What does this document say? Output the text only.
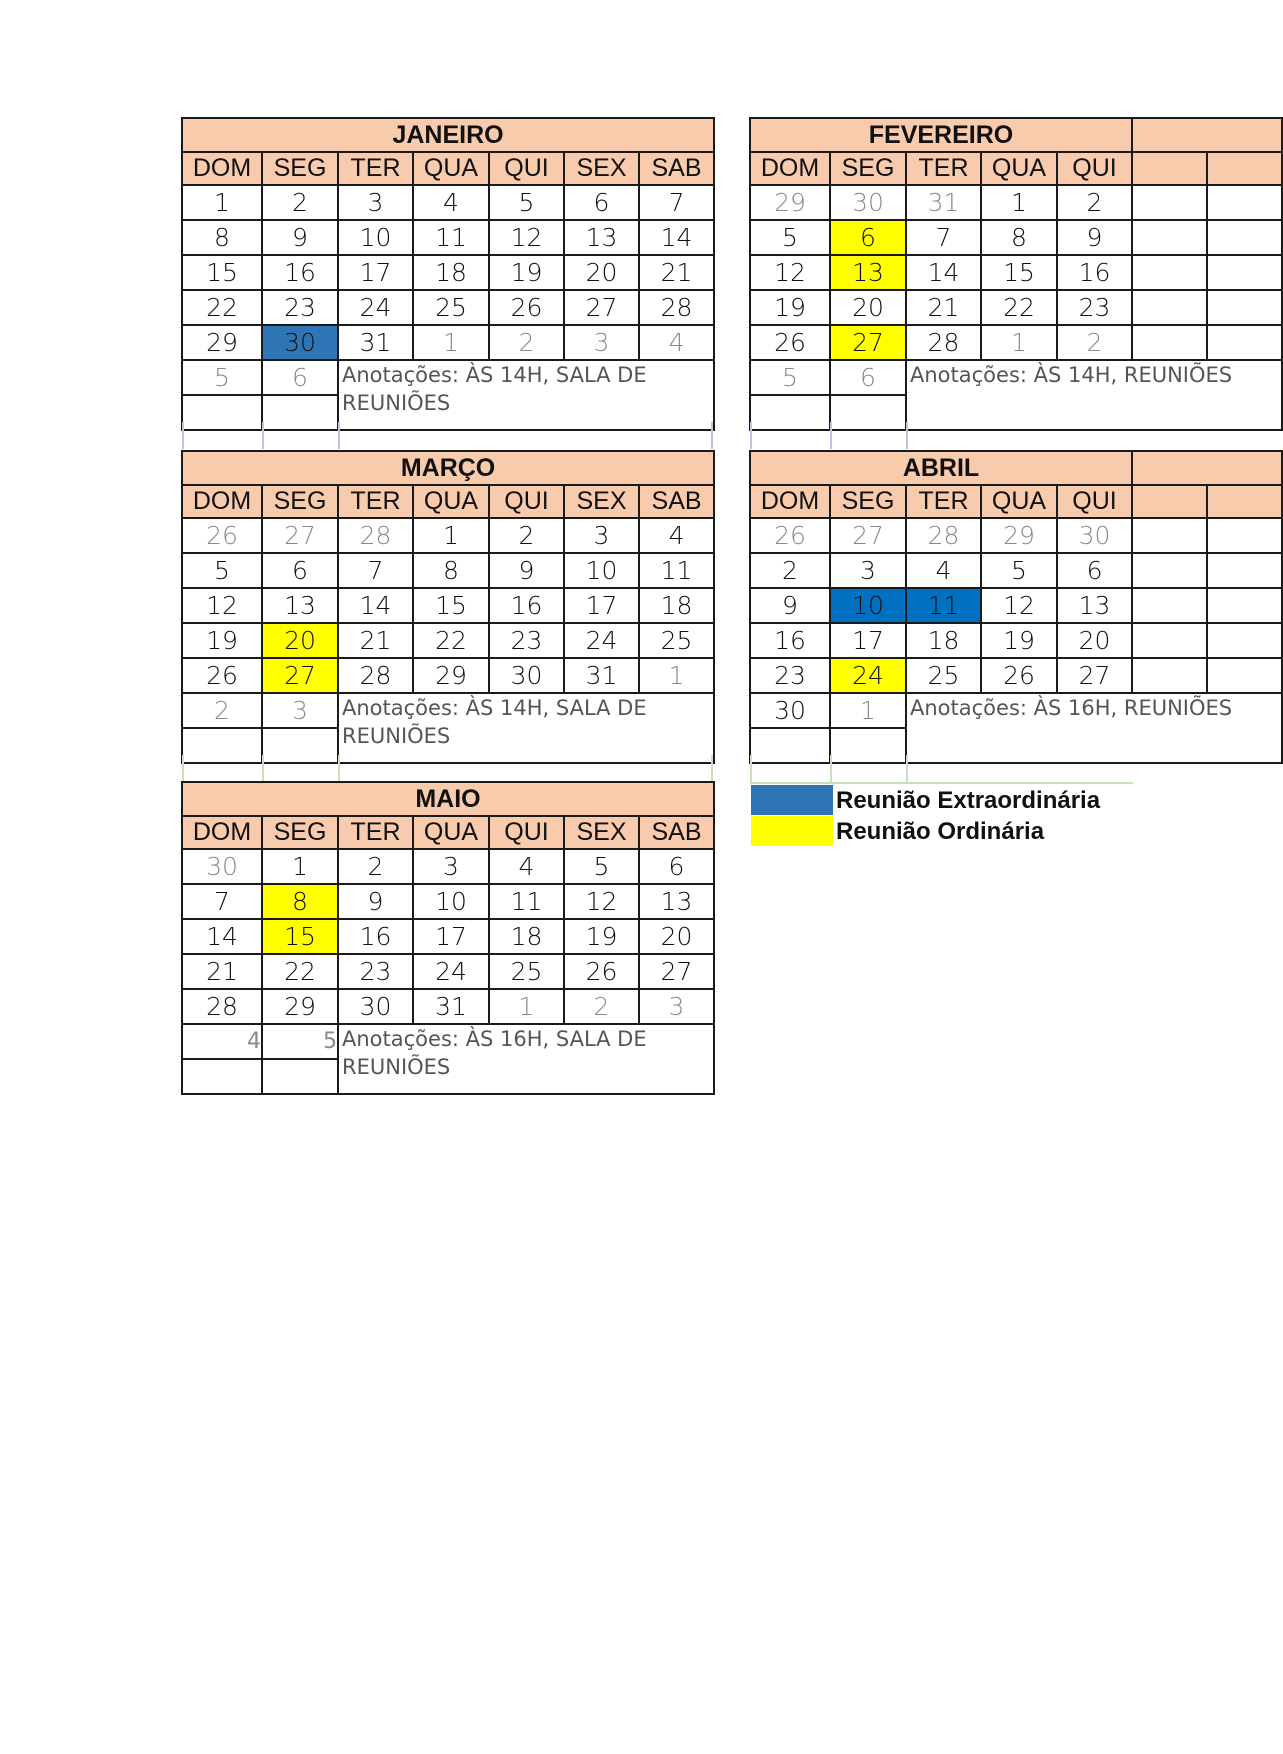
JANEIRO						
DOM	SEG	TER	QUA	QUI	SEX	SAB
1	2	3	4	5	6	7
8	9	10	11	12	13	14
15	16	17	18	19	20	21
22	23	24	25	26	27	28
29	30	31	1	2	3	4
5	6	Anotações: ÀS 14H, SALA DE REUNIÕES				

FEVEREIRO						
DOM	SEG	TER	QUA	QUI		
29	30	31	1	2		
5	6	7	8	9		
12	13	14	15	16		
19	20	21	22	23		
26	27	28	1	2		
5	6	Anotações: ÀS 14H, REUNIÕES				

MARÇO						
DOM	SEG	TER	QUA	QUI	SEX	SAB
26	27	28	1	2	3	4
5	6	7	8	9	10	11
12	13	14	15	16	17	18
19	20	21	22	23	24	25
26	27	28	29	30	31	1
2	3	Anotações: ÀS 14H, SALA DE REUNIÕES				

ABRIL						
DOM	SEG	TER	QUA	QUI		
26	27	28	29	30		
2	3	4	5	6		
9	10	11	12	13		
16	17	18	19	20		
23	24	25	26	27		
30	1	Anotações: ÀS 16H, REUNIÕES				

MAIO						
DOM	SEG	TER	QUA	QUI	SEX	SAB
30	1	2	3	4	5	6
7	8	9	10	11	12	13
14	15	16	17	18	19	20
21	22	23	24	25	26	27
28	29	30	31	1	2	3
4	5	Anotações: ÀS 16H, SALA DE REUNIÕES				

Reunião Extraordinária
Reunião Ordinária
